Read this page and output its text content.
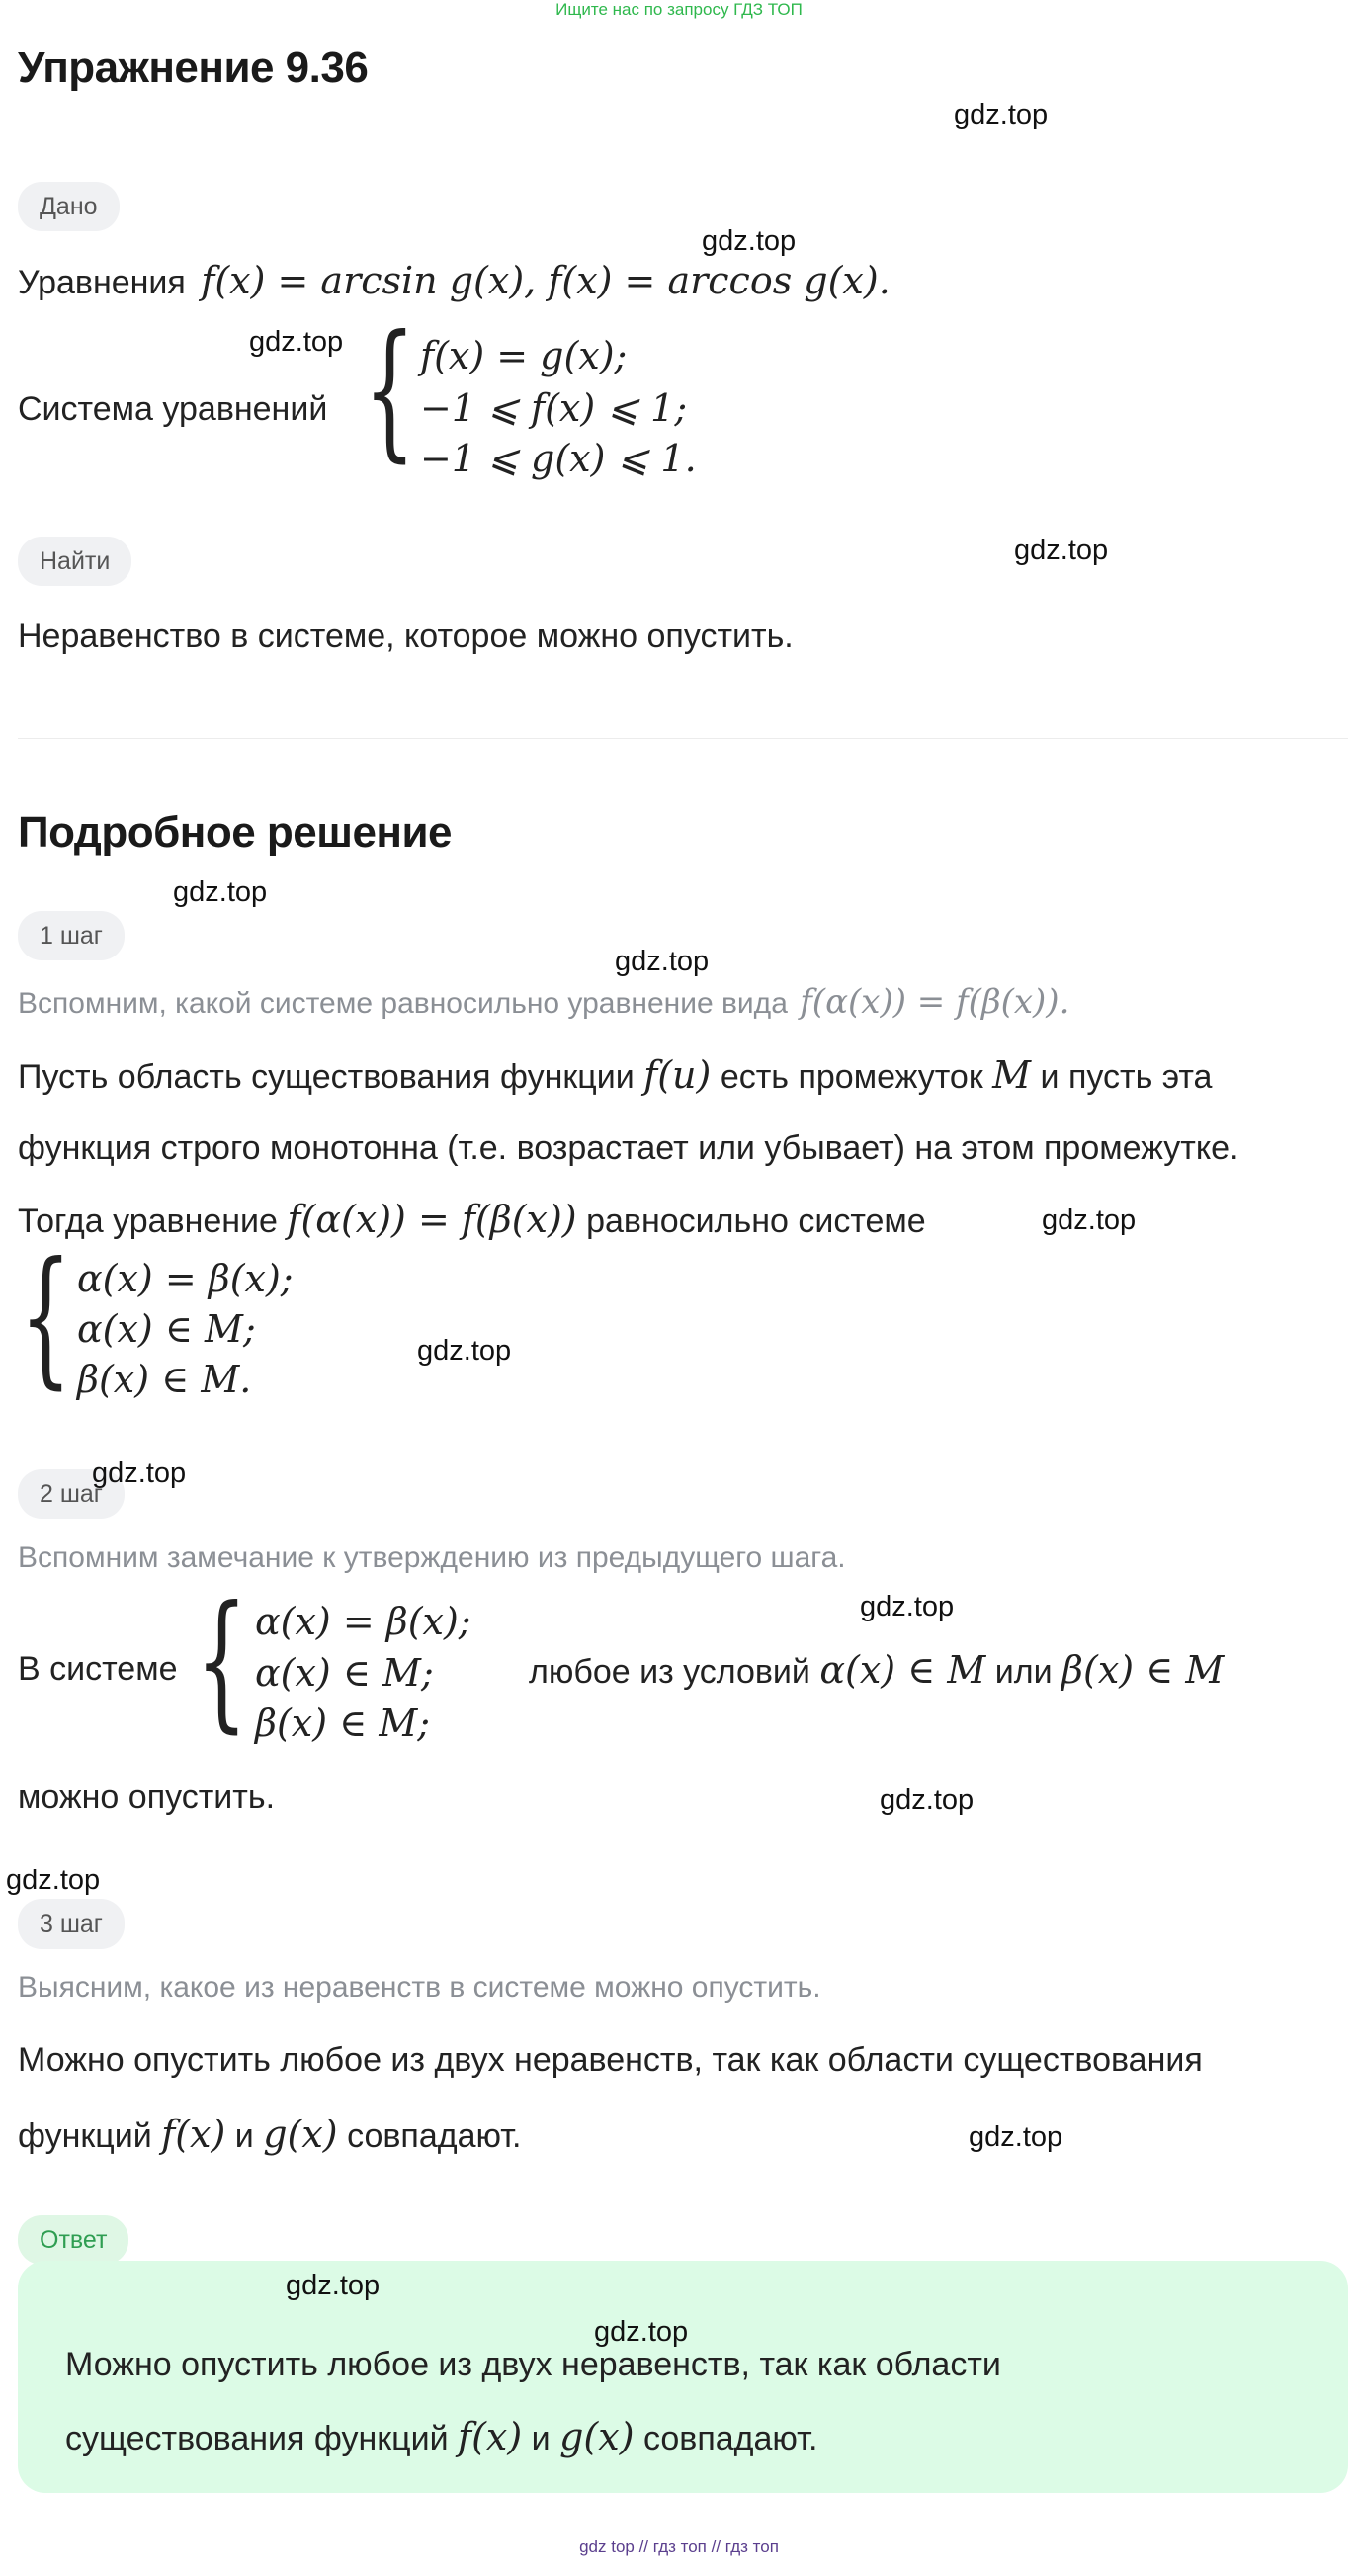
Ищите нас по запросу ГДЗ ТОП
Упражнение 9.36
Дано
Уравнения f(x) = arcsin g(x), f(x) = arccos g(x).
Система уравнений { f(x) = g(x);
−1 ⩽ f(x) ⩽ 1;
−1 ⩽ g(x) ⩽ 1.
Найти
Неравенство в системе, которое можно опустить.
Подробное решение
1 шаг
Вспомним, какой системе равносильно уравнение вида f(α(x)) = f(β(x)).
Пусть область существования функции f(u) есть промежуток M и пусть эта
функция строго монотонна (т.е. возрастает или убывает) на этом промежутке.
Тогда уравнение f(α(x)) = f(β(x)) равносильно системе
{ α(x) = β(x);
α(x) ∈ M;
β(x) ∈ M.
2 шаг
Вспомним замечание к утверждению из предыдущего шага.
В системе { α(x) = β(x);
α(x) ∈ M;
β(x) ∈ M;
любое из условий α(x) ∈ M или β(x) ∈ M
можно опустить.
3 шаг
Выясним, какое из неравенств в системе можно опустить.
Можно опустить любое из двух неравенств, так как области существования
функций f(x) и g(x) совпадают.
Ответ
Можно опустить любое из двух неравенств, так как области
существования функций f(x) и g(x) совпадают.
gdz.top
gdz.top
gdz.top
gdz.top
gdz.top
gdz.top
gdz.top
gdz.top
gdz.top
gdz.top
gdz.top
gdz.top
gdz.top
gdz.top
gdz.top
gdz top // гдз топ // гдз топ
